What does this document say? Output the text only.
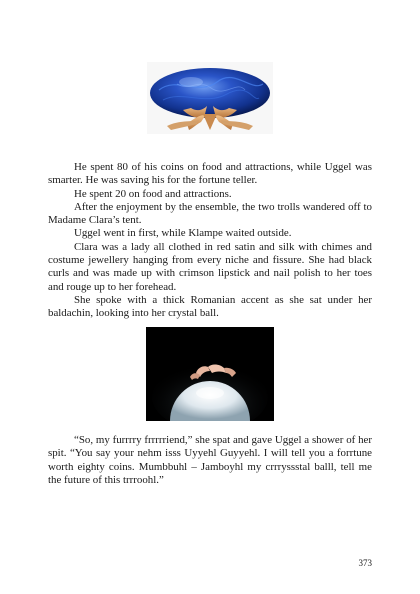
He spent 80 of his coins on food and attractions, while Uggel was smarter. He was saving his for the fortune teller.

He spent 20 on food and attractions.

After the enjoyment by the ensemble, the two trolls wandered off to Madame Clara’s tent.

Uggel went in first, while Klampe waited outside.

Clara was a lady all clothed in red satin and silk with chimes and costume jewellery hanging from every niche and fissure. She had black curls and was made up with crimson lipstick and nail polish to her toes and rouge up to her forehead.

She spoke with a thick Romanian accent as she sat under her baldachin, looking into her crystal ball.

“So, my furrrry frrrrriend,” she spat and gave Uggel a shower of her spit. “You say your nehm isss Uyyehl Guyyehl. I will tell you a forrtune worth eighty coins. Mumbbuhl – Jamboyhl my crrryssstal balll, tell me the future of this trrroohl.”

373
